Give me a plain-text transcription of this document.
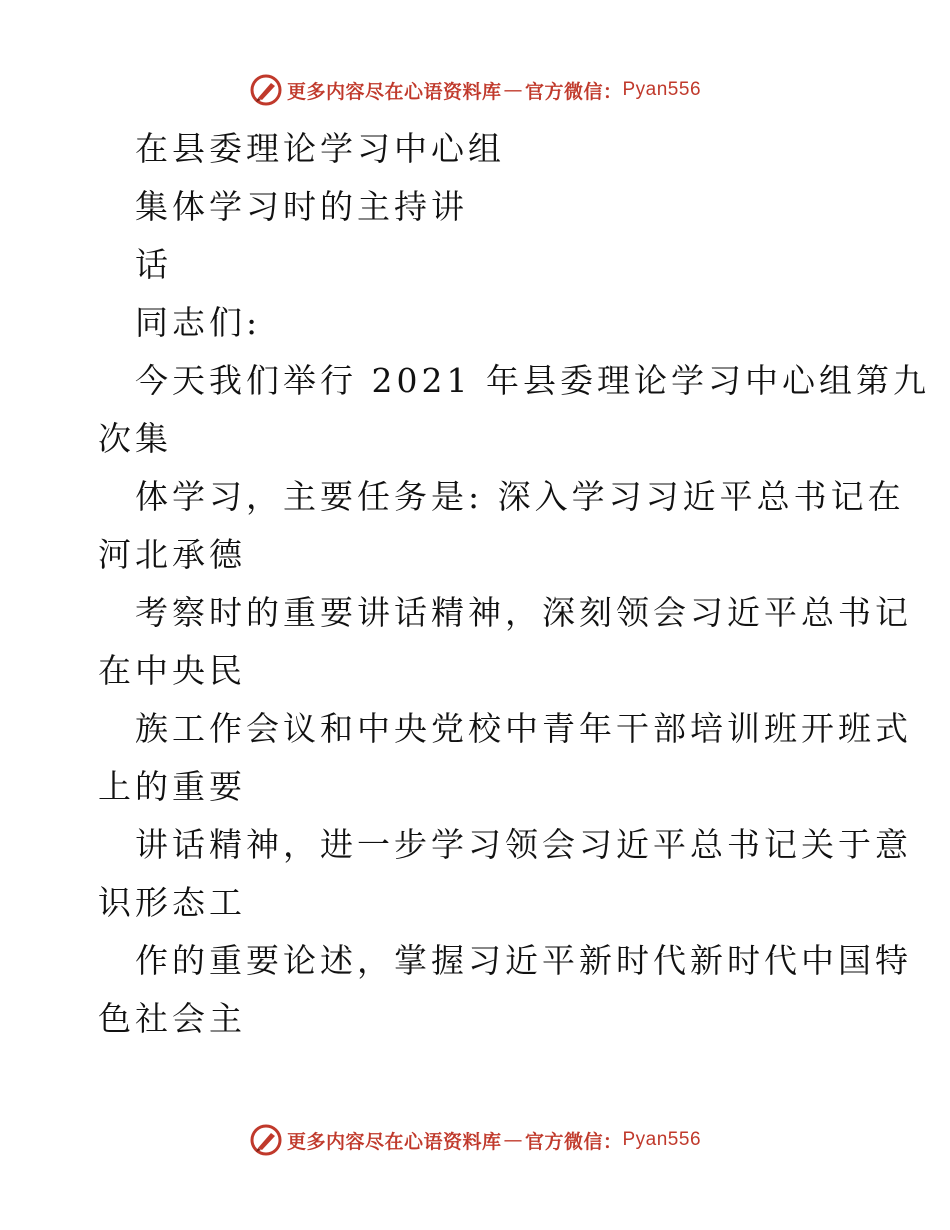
更多内容尽在心语资料库 — 官方微信： Pyan556
在县委理论学习中心组
集体学习时的主持讲
话
同志们:
今天我们举行 2021 年县委理论学习中心组第九
次集
体学习，主要任务是: 深入学习习近平总书记在
河北承德
考察时的重要讲话精神，深刻领会习近平总书记
在中央民
族工作会议和中央党校中青年干部培训班开班式
上的重要
讲话精神，进一步学习领会习近平总书记关于意
识形态工
作的重要论述，掌握习近平新时代新时代中国特
色社会主
更多内容尽在心语资料库 — 官方微信： Pyan556
